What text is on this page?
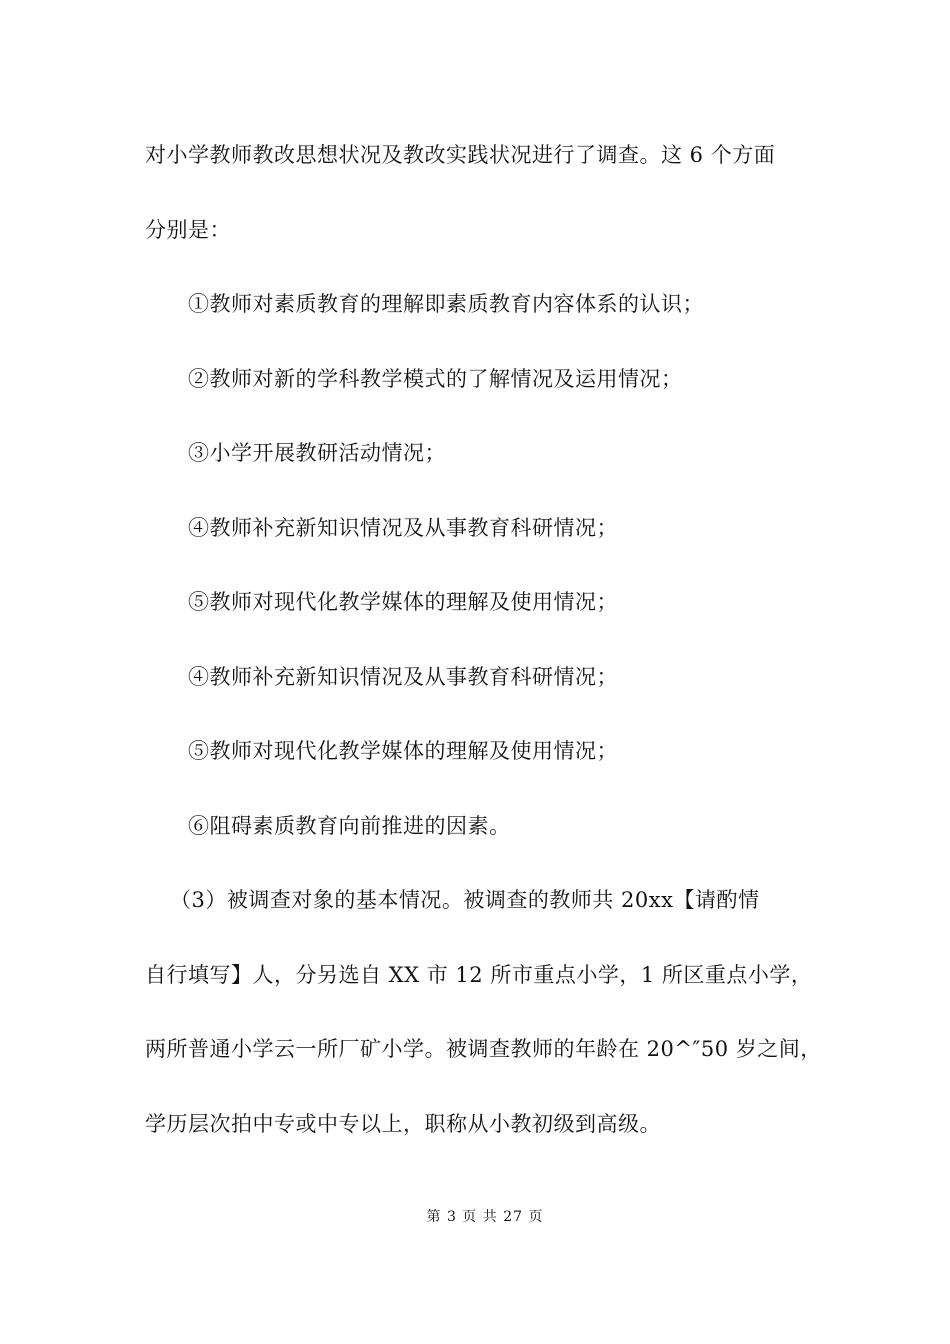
对小学教师教改思想状况及教改实践状况进行了调查。这 6 个方面
分别是：
①教师对素质教育的理解即素质教育内容体系的认识；
②教师对新的学科教学模式的了解情况及运用情况；
③小学开展教研活动情况；
④教师补充新知识情况及从事教育科研情况；
⑤教师对现代化教学媒体的理解及使用情况；
④教师补充新知识情况及从事教育科研情况；
⑤教师对现代化教学媒体的理解及使用情况；
⑥阻碍素质教育向前推进的因素。
（3）被调查对象的基本情况。被调查的教师共 20xx【请酌情
自行填写】人，分另选自 XX 市 12 所市重点小学，1 所区重点小学，
两所普通小学云一所厂矿小学。被调查教师的年龄在 20^″50 岁之间，
学历层次拍中专或中专以上，职称从小教初级到高级。
第 3 页 共 27 页
